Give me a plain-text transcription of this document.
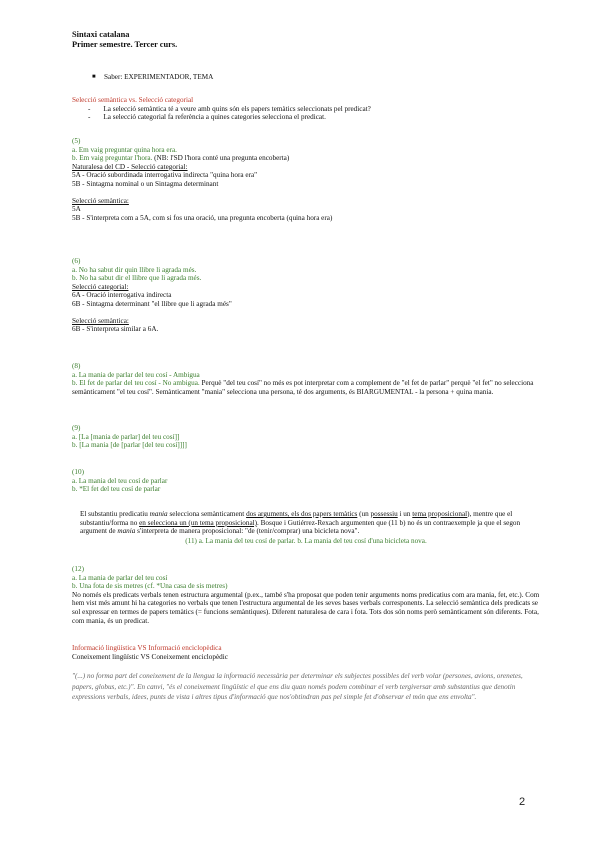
Sintaxi catalana

Primer semestre. Tercer curs.

■ Saber: EXPERIMENTADOR, TEMA

Selecció semàntica vs. Selecció categorial

- La selecció semàntica té a veure amb quins són els papers temàtics seleccionats pel predicat?

- La selecció categorial fa referència a quines categories selecciona el predicat.

(5)

a. Em vaig preguntar quina hora era.

b. Em vaig preguntar l'hora. (NB: l'SD l'hora conté una pregunta encoberta)

Naturalesa del CD - Selecció categorial:

5A - Oració subordinada interrogativa indirecta "quina hora era"

5B - Sintagma nominal o un Sintagma determinant

Selecció semàntica:

5A

5B - S'interpreta com a 5A, com si fos una oració, una pregunta encoberta (quina hora era)

(6)

a. No ha sabut dir quin llibre li agrada més.

b. No ha sabut dir el llibre que li agrada més.

Selecció categorial:

6A - Oració interrogativa indirecta

6B - Sintagma determinant "el llibre que li agrada més"

Selecció semàntica:

6B - S'interpreta similar a 6A.

(8)

a. La mania de parlar del teu cosí - Ambigua

b. El fet de parlar del teu cosí - No ambigua. Perquè "del teu cosí" no més es pot interpretar com a complement de "el fet de parlar" perquè "el fet" no selecciona semànticament "el teu cosí". Semànticament "mania" selecciona una persona, té dos arguments, és BIARGUMENTAL - la persona + quina mania.

(9)

a. [La [mania de parlar] del teu cosí]]

b. [La mania [de [parlar [del teu cosí]]]]

(10)

a. La mania del teu cosí de parlar

b. *El fet del teu cosí de parlar

El substantiu predicatiu mania selecciona semànticament dos arguments, els dos papers temàtics (un possessiu i un tema proposicional), mentre que el substantiu/forma no en selecciona un (un tema proposicional). Bosque i Gutiérrez-Rexach argumenten que (11 b) no és un contraexemple ja que el segon argument de mania s'interpreta de manera proposicional: "de (tenir/comprar) una bicicleta nova".

(11) a. La mania del teu cosí de parlar. b. La mania del teu cosí d'una bicicleta nova.

(12)

a. La mania de parlar del teu cosí

b. Una fota de sis metres (cf. *Una casa de sis metres)

No només els predicats verbals tenen estructura argumental (p.ex., també s'ha proposat que poden tenir arguments noms predicatius com ara mania, fet, etc.). Com hem vist més amunt hi ha categories no verbals que tenen l'estructura argumental de les seves bases verbals corresponents. La selecció semàntica dels predicats se sol expressar en termes de papers temàtics (= funcions semàntiques). Diferent naturalesa de cara i fota. Tots dos són noms però semànticament són diferents. Fota, com mania, és un predicat.

Informació lingüística VS Informació enciclopèdica

Coneixement lingüístic VS Coneixement enciclopèdic

"(...) no forma part del coneixement de la llengua la informació necessària per determinar els subjectes possibles del verb volar (persones, avions, orenetes, papers, globus, etc.)". En canvi, "és el coneixement lingüístic el que ens diu quan només podem combinar el verb tergiversar amb substantius que denotin expressions verbals, idees, punts de vista i altres tipus d'informació que nos'obtindran pas pel simple fet d'observar el món que ens envolta".

2
